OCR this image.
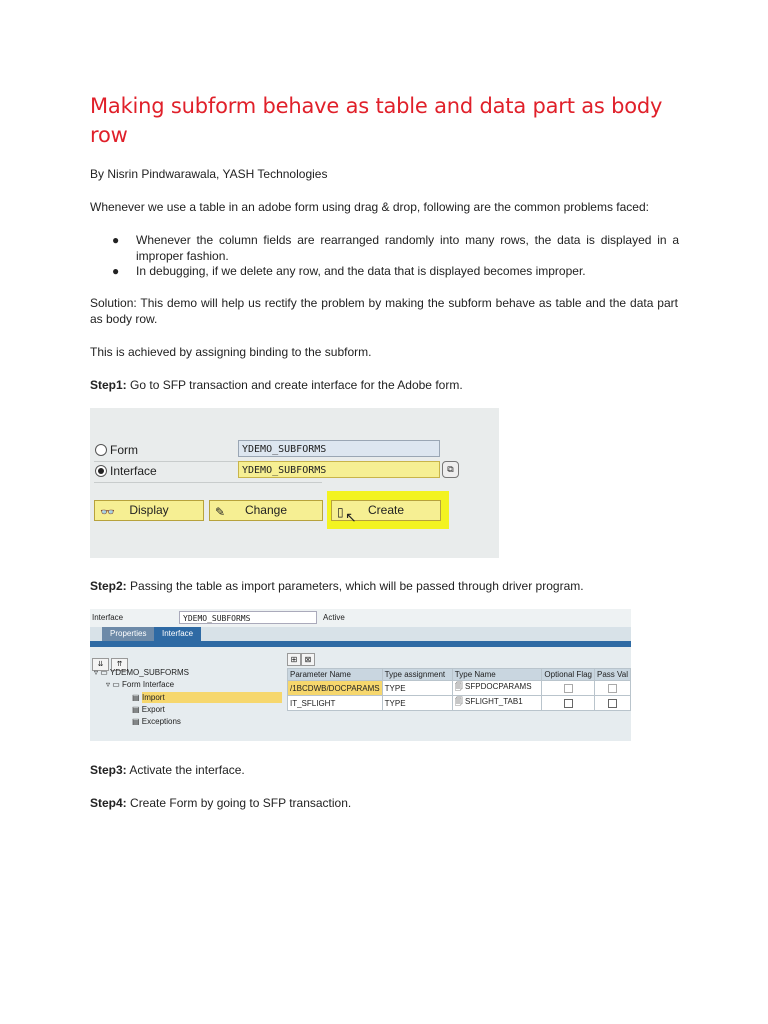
Making subform behave as table and data part as body row
By Nisrin Pindwarawala, YASH Technologies
Whenever we use a table in an adobe form using drag & drop, following are the common problems faced:
● Whenever the column fields are rearranged randomly into many rows, the data is displayed in a improper fashion.
● In debugging, if we delete any row, and the data that is displayed becomes improper.
Solution: This demo will help us rectify the problem by making the subform behave as table and the data part as body row.
This is achieved by assigning binding to the subform.
Step1: Go to SFP transaction and create interface for the Adobe form.
Form
Interface
YDEMO_SUBFORMS
YDEMO_SUBFORMS	⧉
👓 Display	✎ Change	▯ Create
↖
Step2: Passing the table as import parameters, which will be passed through driver program.
Interface	YDEMO_SUBFORMS	Active
Properties	Interface
⇊ ⇈
▿ ▭ YDEMO_SUBFORMS
▿ ▭ Form Interface
▤ Import
▤ Export
▤ Exceptions
⊞ ⊠
Parameter Name	Type assignment	Type Name	Optional Flag	Pass Val
/1BCDWB/DOCPARAMS	TYPE	🗐 SFPDOCPARAMS		
IT_SFLIGHT	TYPE	🗐 SFLIGHT_TAB1		
Step3: Activate the interface.
Step4: Create Form by going to SFP transaction.
